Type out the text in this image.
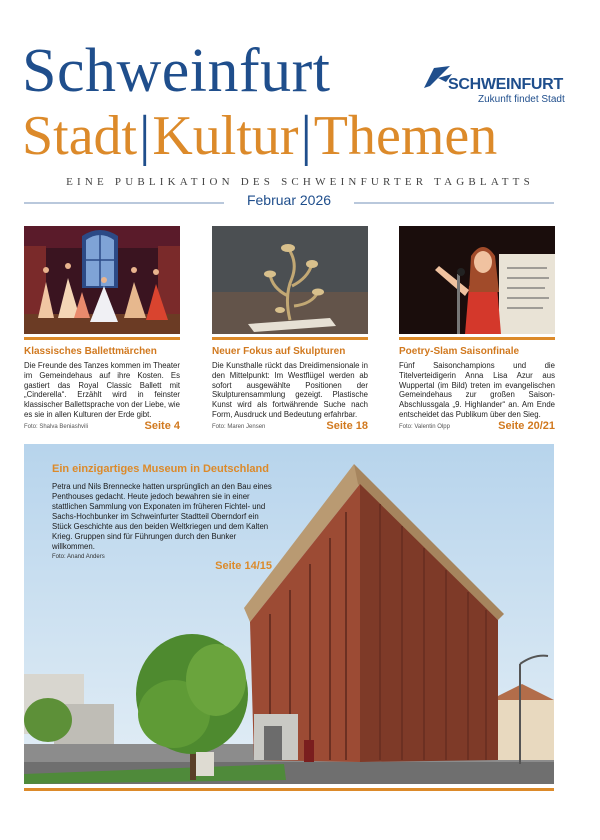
Schweinfurt
Stadt|Kultur|Themen
SCHWEINFURT
Zukunft findet Stadt
EINE PUBLIKATION DES SCHWEINFURTER TAGBLATTS
Februar 2026
Klassisches Ballettmärchen

Die Freunde des Tanzes kommen im Theater im Gemeindehaus auf ihre Kosten. Es gastiert das Royal Classic Ballett mit „Cinderella“. Erzählt wird in feinster klassischer Ballettsprache von der Liebe, wie es sie in allen Kulturen der Erde gibt.

Foto: Shalva Beniashvili	Seite 4
Neuer Fokus auf Skulpturen

Die Kunsthalle rückt das Dreidimensionale in den Mittelpunkt: Im Westflügel werden ab sofort ausgewählte Positionen der Skulpturensammlung gezeigt. Plastische Kunst wird als fortwährende Suche nach Form, Ausdruck und Bedeutung erfahrbar.

Foto: Maren Jensen	Seite 18
Poetry-Slam Saisonfinale

Fünf Saisonchampions und die Titelverteidigerin Anna Lisa Azur aus Wuppertal (im Bild) treten im evangelischen Gemeindehaus zur großen Saison-Abschlussgala „9. Highlander“ an. Am Ende entscheidet das Publikum über den Sieg.

Foto: Valentin Olpp	Seite 20/21
Ein einzigartiges Museum in Deutschland

Petra und Nils Brennecke hatten ursprünglich an den Bau eines Penthouses gedacht. Heute jedoch bewahren sie in einer stattlichen Sammlung von Exponaten im früheren Fichtel- und Sachs-Hochbunker im Schweinfurter Stadtteil Oberndorf ein Stück Geschichte aus den beiden Weltkriegen und dem Kalten Krieg. Gruppen sind für Führungen durch den Bunker willkommen.

Foto: Anand Anders
Seite 14/15
